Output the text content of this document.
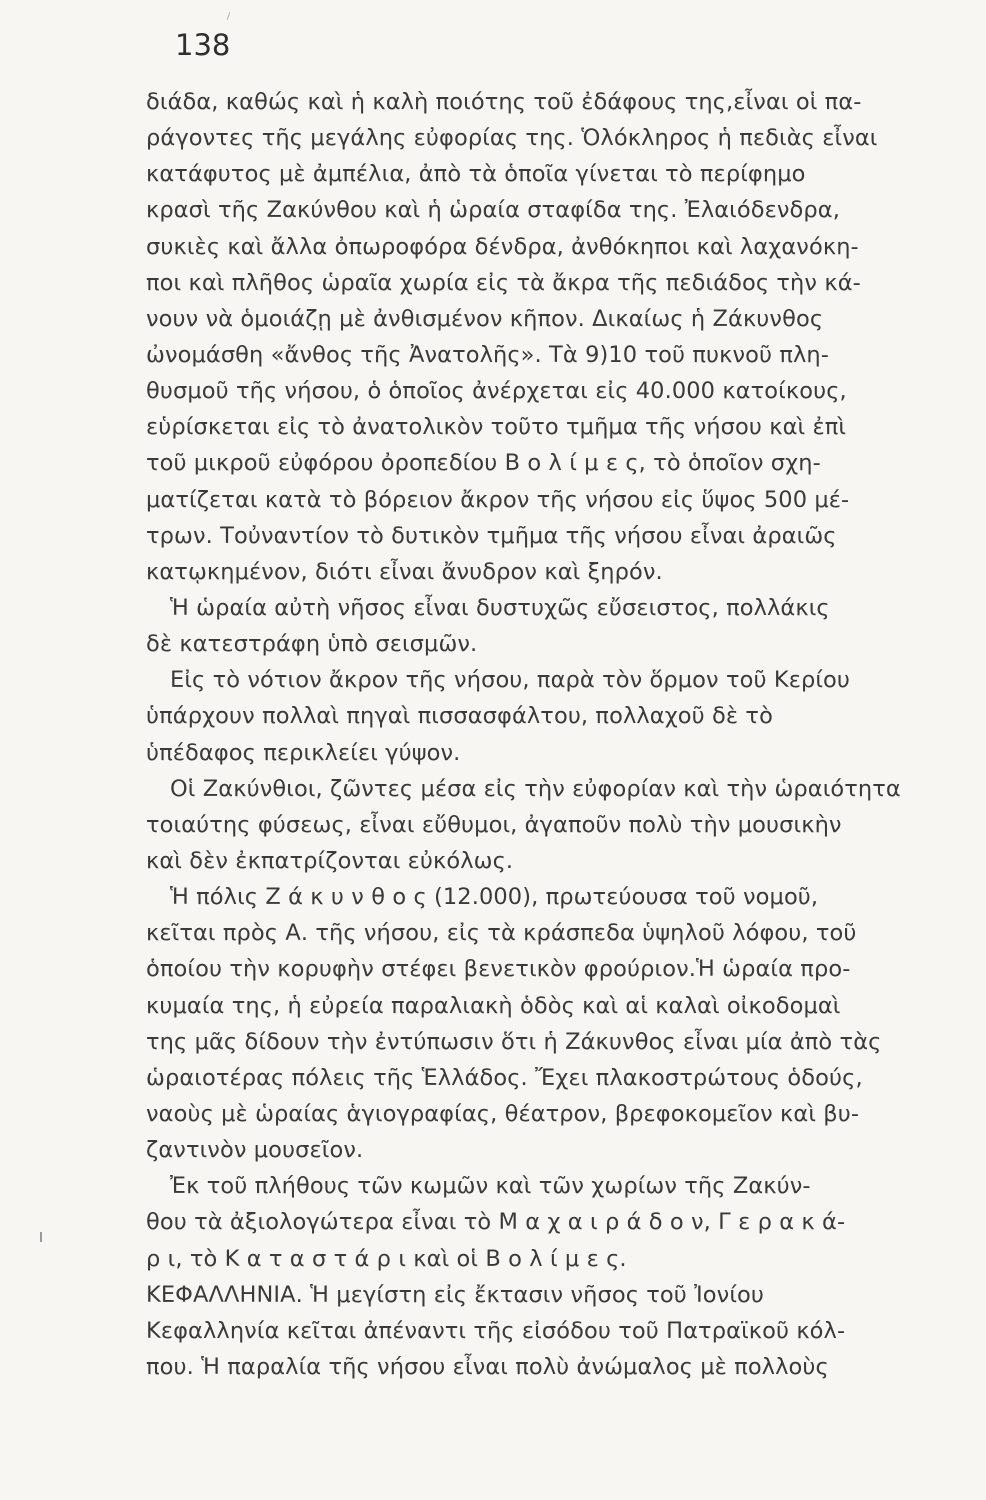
138
διάδα, καθώς καὶ ἡ καλὴ ποιότης τοῦ ἐδάφους της,εἶναι οἱ πα-
ράγοντες τῆς μεγάλης εὐφορίας της. Ὁλόκληρος ἡ πεδιὰς εἶναι
κατάφυτος μὲ ἀμπέλια, ἀπὸ τὰ ὁποῖα γίνεται τὸ περίφημο
κρασὶ τῆς Ζακύνθου καὶ ἡ ὡραία σταφίδα της. Ἐλαιόδενδρα,
συκιὲς καὶ ἄλλα ὀπωροφόρα δένδρα, ἀνθόκηποι καὶ λαχανόκη-
ποι καὶ πλῆθος ὡραῖα χωρία εἰς τὰ ἄκρα τῆς πεδιάδος τὴν κά-
νουν νὰ ὁμοιάζῃ μὲ ἀνθισμένον κῆπον. Δικαίως ἡ Ζάκυνθος
ὠνομάσθη «ἄνθος τῆς Ἀνατολῆς». Τὰ 9)10 τοῦ πυκνοῦ πλη-
θυσμοῦ τῆς νήσου, ὁ ὁποῖος ἀνέρχεται εἰς 40.000 κατοίκους,
εὑρίσκεται εἰς τὸ ἀνατολικὸν τοῦτο τμῆμα τῆς νήσου καὶ ἐπὶ
τοῦ μικροῦ εὐφόρου ὀροπεδίου Β ο λ ί μ ε ς, τὸ ὁποῖον σχη-
ματίζεται κατὰ τὸ βόρειον ἄκρον τῆς νήσου εἰς ὕψος 500 μέ-
τρων. Τοὐναντίον τὸ δυτικὸν τμῆμα τῆς νήσου εἶναι ἀραιῶς
κατῳκημένον, διότι εἶναι ἄνυδρον καὶ ξηρόν.
Ἡ ὡραία αὐτὴ νῆσος εἶναι δυστυχῶς εὔσειστος, πολλάκις
δὲ κατεστράφη ὑπὸ σεισμῶν.
Εἰς τὸ νότιον ἄκρον τῆς νήσου, παρὰ τὸν ὅρμον τοῦ Κερίου
ὑπάρχουν πολλαὶ πηγαὶ πισσασφάλτου, πολλαχοῦ δὲ τὸ
ὑπέδαφος περικλείει γύψον.
Οἱ Ζακύνθιοι, ζῶντες μέσα εἰς τὴν εὐφορίαν καὶ τὴν ὡραιότητα
τοιαύτης φύσεως, εἶναι εὔθυμοι, ἀγαποῦν πολὺ τὴν μουσικὴν
καὶ δὲν ἐκπατρίζονται εὐκόλως.
Ἡ πόλις Ζ ά κ υ ν θ ο ς (12.000), πρωτεύουσα τοῦ νομοῦ,
κεῖται πρὸς Α. τῆς νήσου, εἰς τὰ κράσπεδα ὑψηλοῦ λόφου, τοῦ
ὁποίου τὴν κορυφὴν στέφει βενετικὸν φρούριον.Ἡ ὡραία προ-
κυμαία της, ἡ εὐρεία παραλιακὴ ὁδὸς καὶ αἱ καλαὶ οἰκοδομαὶ
της μᾶς δίδουν τὴν ἐντύπωσιν ὅτι ἡ Ζάκυνθος εἶναι μία ἀπὸ τὰς
ὡραιοτέρας πόλεις τῆς Ἑλλάδος. Ἔχει πλακοστρώτους ὁδούς,
ναοὺς μὲ ὡραίας ἁγιογραφίας, θέατρον, βρεφοκομεῖον καὶ βυ-
ζαντινὸν μουσεῖον.
Ἐκ τοῦ πλήθους τῶν κωμῶν καὶ τῶν χωρίων τῆς Ζακύν-
θου τὰ ἀξιολογώτερα εἶναι τὸ Μ α χ α ι ρ ά δ ο ν, Γ ε ρ α κ ά-
ρ ι, τὸ Κ α τ α σ τ ά ρ ι καὶ οἱ Β ο λ ί μ ε ς.
ΚΕΦΑΛΛΗΝΙΑ. Ἡ μεγίστη εἰς ἔκτασιν νῆσος τοῦ Ἰονίου
Κεφαλληνία κεῖται ἀπέναντι τῆς εἰσόδου τοῦ Πατραϊκοῦ κόλ-
που. Ἡ παραλία τῆς νήσου εἶναι πολὺ ἀνώμαλος μὲ πολλοὺς
